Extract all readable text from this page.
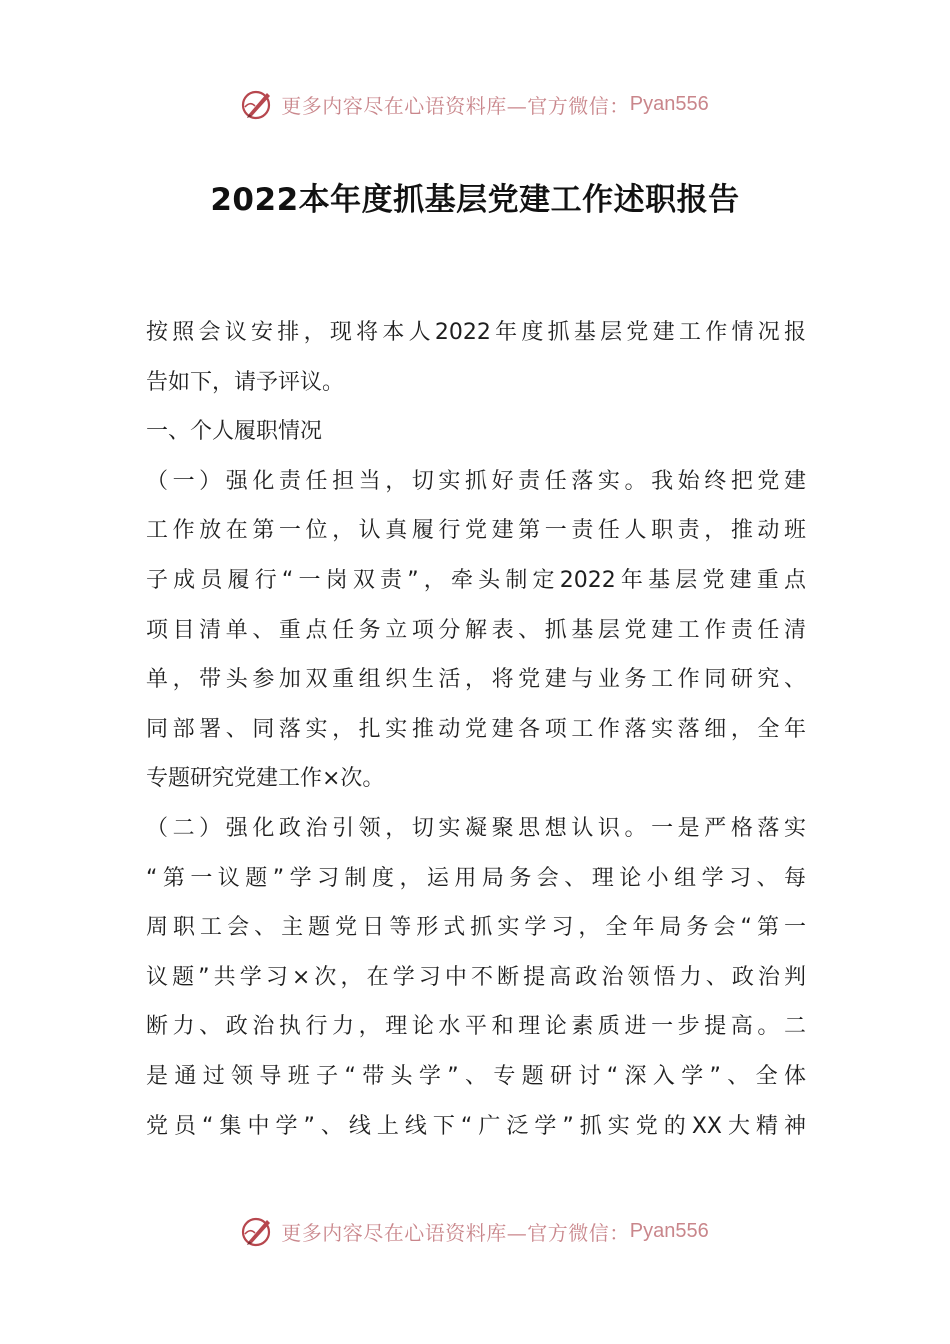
更多内容尽在心语资料库—官方微信： Pyan556
2022本年度抓基层党建工作述职报告
按照会议安排，现将本人2022年度抓基层党建工作情况报
告如下，请予评议。
一、个人履职情况
（一）强化责任担当，切实抓好责任落实。我始终把党建
工作放在第一位，认真履行党建第一责任人职责，推动班
子成员履行“一岗双责”，牵头制定2022年基层党建重点
项目清单、重点任务立项分解表、抓基层党建工作责任清
单，带头参加双重组织生活，将党建与业务工作同研究、
同部署、同落实，扎实推动党建各项工作落实落细，全年
专题研究党建工作×次。
（二）强化政治引领，切实凝聚思想认识。一是严格落实
“第一议题”学习制度，运用局务会、理论小组学习、每
周职工会、主题党日等形式抓实学习，全年局务会“第一
议题”共学习×次，在学习中不断提高政治领悟力、政治判
断力、政治执行力，理论水平和理论素质进一步提高。二
是通过领导班子“带头学”、专题研讨“深入学”、全体
党员“集中学”、线上线下“广泛学”抓实党的XX大精神
更多内容尽在心语资料库—官方微信： Pyan556
